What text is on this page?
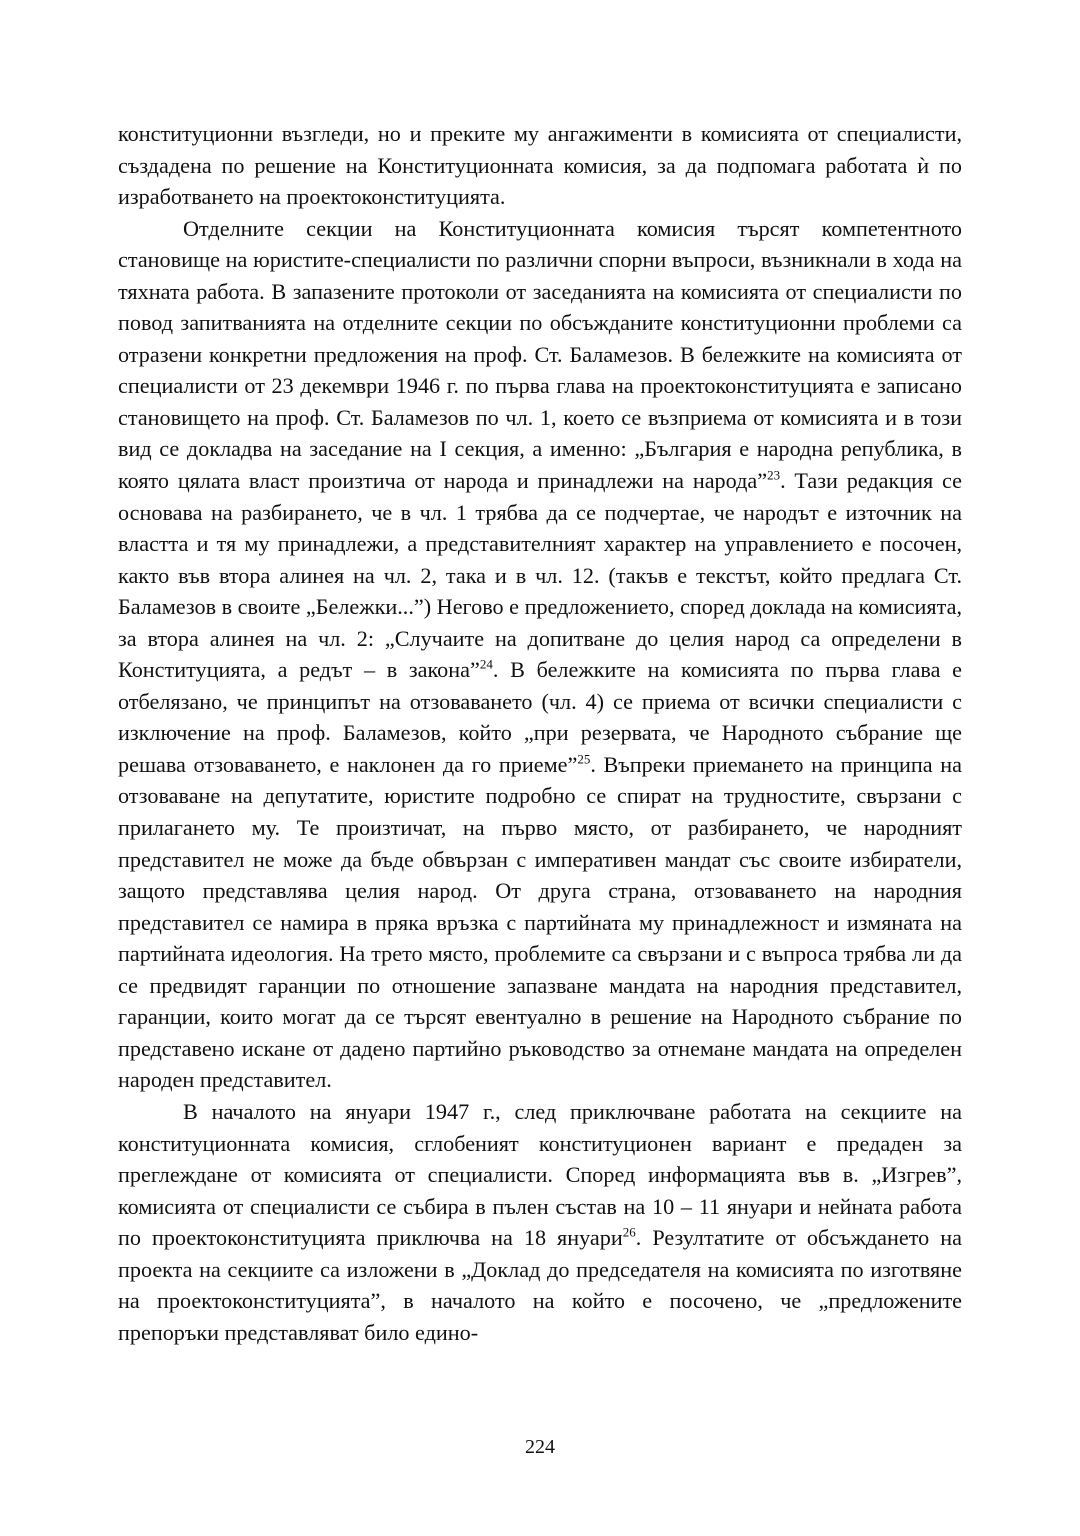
конституционни възгледи, но и преките му ангажименти в комисията от специалисти, създадена по решение на Конституционната комисия, за да подпомага работата ѝ по изработването на проектоконституцията.

Отделните секции на Конституционната комисия търсят компетентното становище на юристите-специалисти по различни спорни въпроси, възникнали в хода на тяхната работа. В запазените протоколи от заседанията на комисията от специалисти по повод запитванията на отделните секции по обсъжданите конституционни проблеми са отразени конкретни предложения на проф. Ст. Баламезов. В бележките на комисията от специалисти от 23 декември 1946 г. по първа глава на проектоконституцията е записано становището на проф. Ст. Баламезов по чл. 1, което се възприема от комисията и в този вид се докладва на заседание на I секция, а именно: „България е народна република, в която цялата власт произтича от народа и принадлежи на народа”$^{23}$. Тази редакция се основава на разбирането, че в чл. 1 трябва да се подчертае, че народът е източник на властта и тя му принадлежи, а представителният характер на управлението е посочен, както във втора алинея на чл. 2, така и в чл. 12. (такъв е текстът, който предлага Ст. Баламезов в своите „Бележки...”) Негово е предложението, според доклада на комисията, за втора алинея на чл. 2: „Случаите на допитване до целия народ са определени в Конституцията, а редът – в закона”$^{24}$. В бележките на комисията по първа глава е отбелязано, че принципът на отзоваването (чл. 4) се приема от всички специалисти с изключение на проф. Баламезов, който „при резервата, че Народното събрание ще решава отзоваването, е наклонен да го приеме”$^{25}$. Въпреки приемането на принципа на отзоваване на депутатите, юристите подробно се спират на трудностите, свързани с прилагането му. Те произтичат, на първо място, от разбирането, че народният представител не може да бъде обвързан с императивен мандат със своите избиратели, защото представлява целия народ. От друга страна, отзоваването на народния представител се намира в пряка връзка с партийната му принадлежност и измяната на партийната идеология. На трето място, проблемите са свързани и с въпроса трябва ли да се предвидят гаранции по отношение запазване мандата на народния представител, гаранции, които могат да се търсят евентуално в решение на Народното събрание по представено искане от дадено партийно ръководство за отнемане мандата на определен народен представител.

В началото на януари 1947 г., след приключване работата на секциите на конституционната комисия, сглобеният конституционен вариант е предаден за преглеждане от комисията от специалисти. Според информацията във в. „Изгрев”, комисията от специалисти се събира в пълен състав на 10 – 11 януари и нейната работа по проектоконституцията приключва на 18 януари$^{26}$. Резултатите от обсъждането на проекта на секциите са изложени в „Доклад до председателя на комисията по изготвяне на проектоконституцията”, в началото на който е посочено, че „предложените препоръки представляват било едино-

224
